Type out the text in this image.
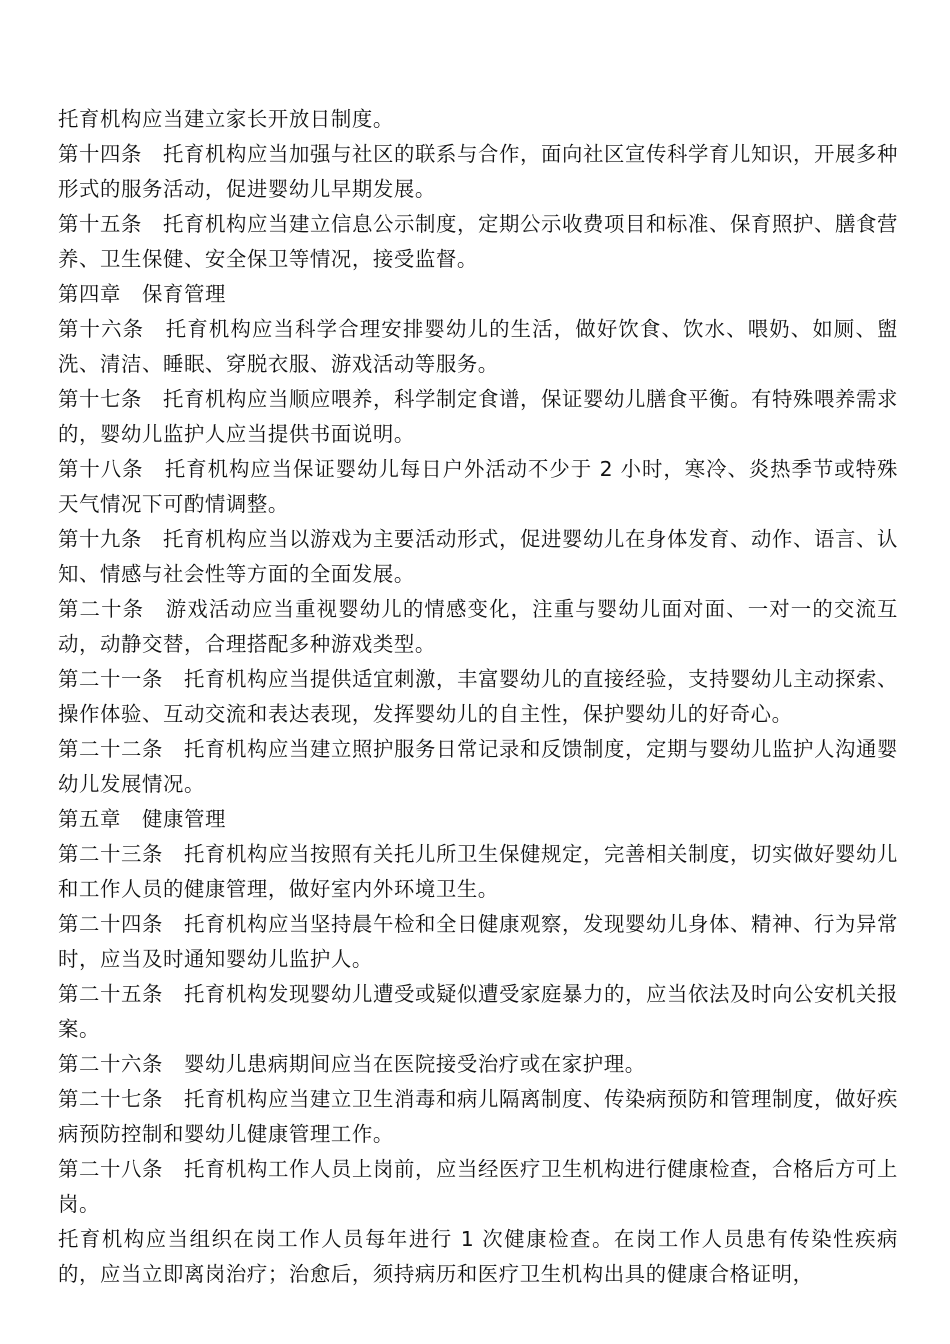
托育机构应当建立家长开放日制度。

第十四条　 托育机构应当加强与社区的联系与合作，面向社区宣传科学育儿知识，开展多种形式的服务活动，促进婴幼儿早期发展。

第十五条　 托育机构应当建立信息公示制度，定期公示收费项目和标准、保育照护、膳食营养、卫生保健、安全保卫等情况，接受监督。

第四章　 保育管理

第十六条　 托育机构应当科学合理安排婴幼儿的生活，做好饮食、饮水、喂奶、如厕、盥洗、清洁、睡眠、穿脱衣服、游戏活动等服务。

第十七条　 托育机构应当顺应喂养，科学制定食谱，保证婴幼儿膳食平衡。有特殊喂养需求的，婴幼儿监护人应当提供书面说明。

第十八条　 托育机构应当保证婴幼儿每日户外活动不少于 2 小时，寒冷、炎热季节或特殊天气情况下可酌情调整。

第十九条　 托育机构应当以游戏为主要活动形式，促进婴幼儿在身体发育、动作、语言、认知、情感与社会性等方面的全面发展。

第二十条　 游戏活动应当重视婴幼儿的情感变化，注重与婴幼儿面对面、一对一的交流互动，动静交替，合理搭配多种游戏类型。

第二十一条　 托育机构应当提供适宜刺激，丰富婴幼儿的直接经验，支持婴幼儿主动探索、操作体验、互动交流和表达表现，发挥婴幼儿的自主性，保护婴幼儿的好奇心。

第二十二条　 托育机构应当建立照护服务日常记录和反馈制度，定期与婴幼儿监护人沟通婴幼儿发展情况。

第五章　 健康管理

第二十三条　 托育机构应当按照有关托儿所卫生保健规定，完善相关制度，切实做好婴幼儿和工作人员的健康管理，做好室内外环境卫生。

第二十四条　 托育机构应当坚持晨午检和全日健康观察，发现婴幼儿身体、精神、行为异常时，应当及时通知婴幼儿监护人。

第二十五条　 托育机构发现婴幼儿遭受或疑似遭受家庭暴力的，应当依法及时向公安机关报案。

第二十六条　 婴幼儿患病期间应当在医院接受治疗或在家护理。

第二十七条　 托育机构应当建立卫生消毒和病儿隔离制度、传染病预防和管理制度，做好疾病预防控制和婴幼儿健康管理工作。

第二十八条　 托育机构工作人员上岗前，应当经医疗卫生机构进行健康检查，合格后方可上岗。

托育机构应当组织在岗工作人员每年进行 1 次健康检查。在岗工作人员患有传染性疾病的，应当立即离岗治疗；治愈后，须持病历和医疗卫生机构出具的健康合格证明，
